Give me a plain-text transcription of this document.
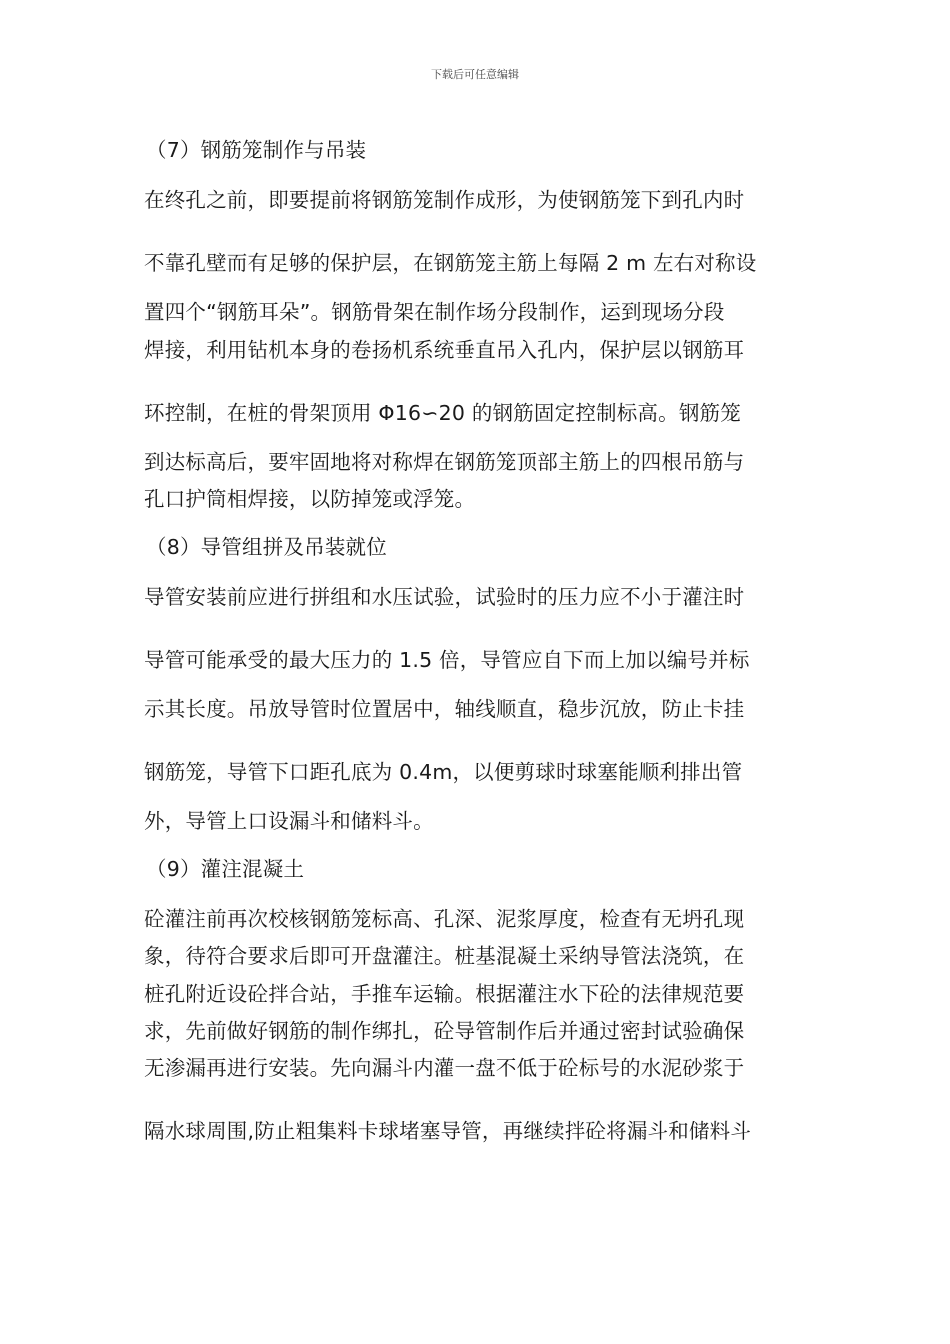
下载后可任意编辑
（7）钢筋笼制作与吊装
在终孔之前，即要提前将钢筋笼制作成形，为使钢筋笼下到孔内时
不靠孔壁而有足够的保护层，在钢筋笼主筋上每隔 2 m 左右对称设
置四个“钢筋耳朵”。钢筋骨架在制作场分段制作，运到现场分段
焊接，利用钻机本身的卷扬机系统垂直吊入孔内，保护层以钢筋耳
环控制，在桩的骨架顶用 Φ16∽20 的钢筋固定控制标高。钢筋笼
到达标高后，要牢固地将对称焊在钢筋笼顶部主筋上的四根吊筋与
孔口护筒相焊接，以防掉笼或浮笼。
（8）导管组拼及吊装就位
导管安装前应进行拼组和水压试验，试验时的压力应不小于灌注时
导管可能承受的最大压力的 1.5 倍，导管应自下而上加以编号并标
示其长度。吊放导管时位置居中，轴线顺直，稳步沉放，防止卡挂
钢筋笼，导管下口距孔底为 0.4m，以便剪球时球塞能顺利排出管
外，导管上口设漏斗和储料斗。
（9）灌注混凝土
砼灌注前再次校核钢筋笼标高、孔深、泥浆厚度，检查有无坍孔现
象，待符合要求后即可开盘灌注。桩基混凝土采纳导管法浇筑，在
桩孔附近设砼拌合站，手推车运输。根据灌注水下砼的法律规范要
求，先前做好钢筋的制作绑扎，砼导管制作后并通过密封试验确保
无渗漏再进行安装。先向漏斗内灌一盘不低于砼标号的水泥砂浆于
隔水球周围,防止粗集料卡球堵塞导管，再继续拌砼将漏斗和储料斗
